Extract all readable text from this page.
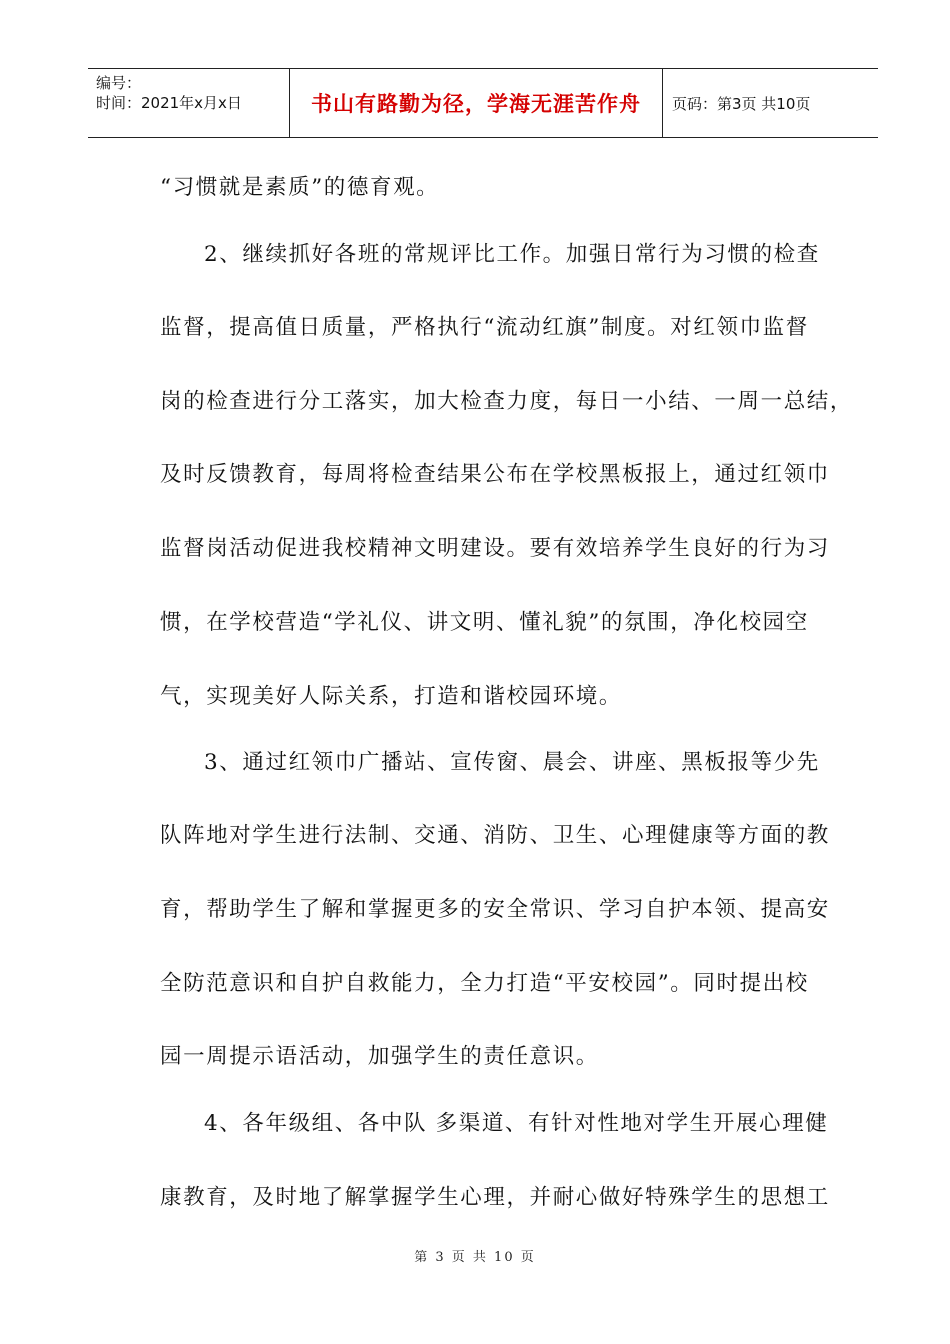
编号：
时间：2021年x月x日	书山有路勤为径，学海无涯苦作舟 页码：第3页 共10页
“习惯就是素质”的德育观。
2、继续抓好各班的常规评比工作。加强日常行为习惯的检查
监督，提高值日质量，严格执行“流动红旗”制度。对红领巾监督
岗的检查进行分工落实，加大检查力度，每日一小结、一周一总结，
及时反馈教育，每周将检查结果公布在学校黑板报上，通过红领巾
监督岗活动促进我校精神文明建设。要有效培养学生良好的行为习
惯，在学校营造“学礼仪、讲文明、懂礼貌”的氛围，净化校园空
气，实现美好人际关系，打造和谐校园环境。
3、通过红领巾广播站、宣传窗、晨会、讲座、黑板报等少先
队阵地对学生进行法制、交通、消防、卫生、心理健康等方面的教
育，帮助学生了解和掌握更多的安全常识、学习自护本领、提高安
全防范意识和自护自救能力，全力打造“平安校园”。同时提出校
园一周提示语活动，加强学生的责任意识。
4、各年级组、各中队 多渠道、有针对性地对学生开展心理健
康教育，及时地了解掌握学生心理，并耐心做好特殊学生的思想工
第 3 页 共 10 页
